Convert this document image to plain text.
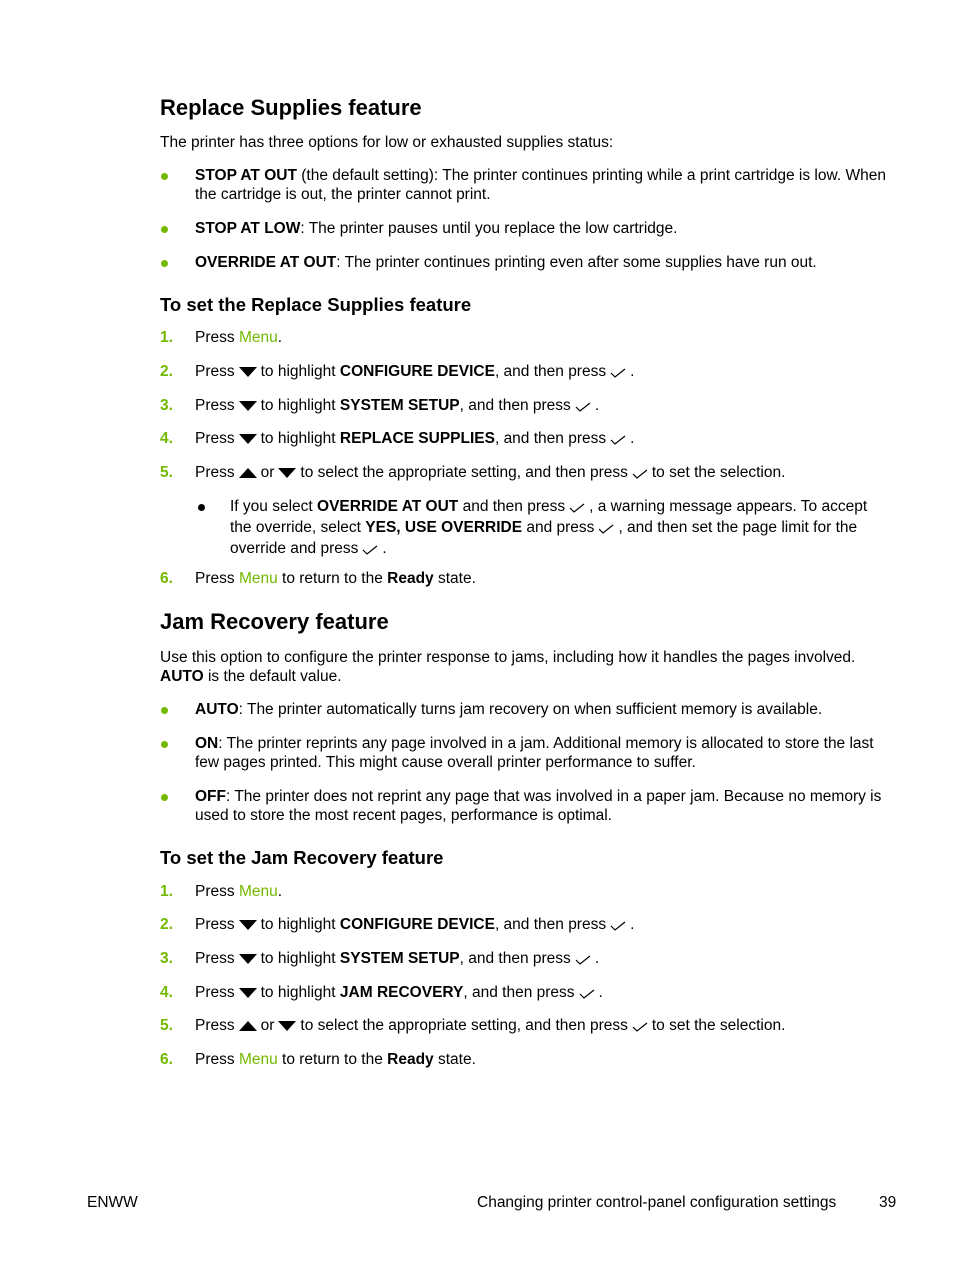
Replace Supplies feature

The printer has three options for low or exhausted supplies status:

STOP AT OUT (the default setting): The printer continues printing while a print cartridge is low. When the cartridge is out, the printer cannot print.
STOP AT LOW: The printer pauses until you replace the low cartridge.
OVERRIDE AT OUT: The printer continues printing even after some supplies have run out.
To set the Replace Supplies feature
1.	Press Menu.
2.	Press to highlight CONFIGURE DEVICE, and then press .
3.	Press to highlight SYSTEM SETUP, and then press .
4.	Press to highlight REPLACE SUPPLIES, and then press .
5.	Press or to select the appropriate setting, and then press to set the selection.
If you select OVERRIDE AT OUT and then press , a warning message appears. To accept the override, select YES, USE OVERRIDE and press , and then set the page limit for the override and press .
6.	Press Menu to return to the Ready state.
Jam Recovery feature

Use this option to configure the printer response to jams, including how it handles the pages involved. AUTO is the default value.

AUTO: The printer automatically turns jam recovery on when sufficient memory is available.
ON: The printer reprints any page involved in a jam. Additional memory is allocated to store the last few pages printed. This might cause overall printer performance to suffer.
OFF: The printer does not reprint any page that was involved in a paper jam. Because no memory is used to store the most recent pages, performance is optimal.
To set the Jam Recovery feature
1.	Press Menu.
2.	Press to highlight CONFIGURE DEVICE, and then press .
3.	Press to highlight SYSTEM SETUP, and then press .
4.	Press to highlight JAM RECOVERY, and then press .
5.	Press or to select the appropriate setting, and then press to set the selection.
6.	Press Menu to return to the Ready state.
ENWW	Changing printer control-panel configuration settings	39
